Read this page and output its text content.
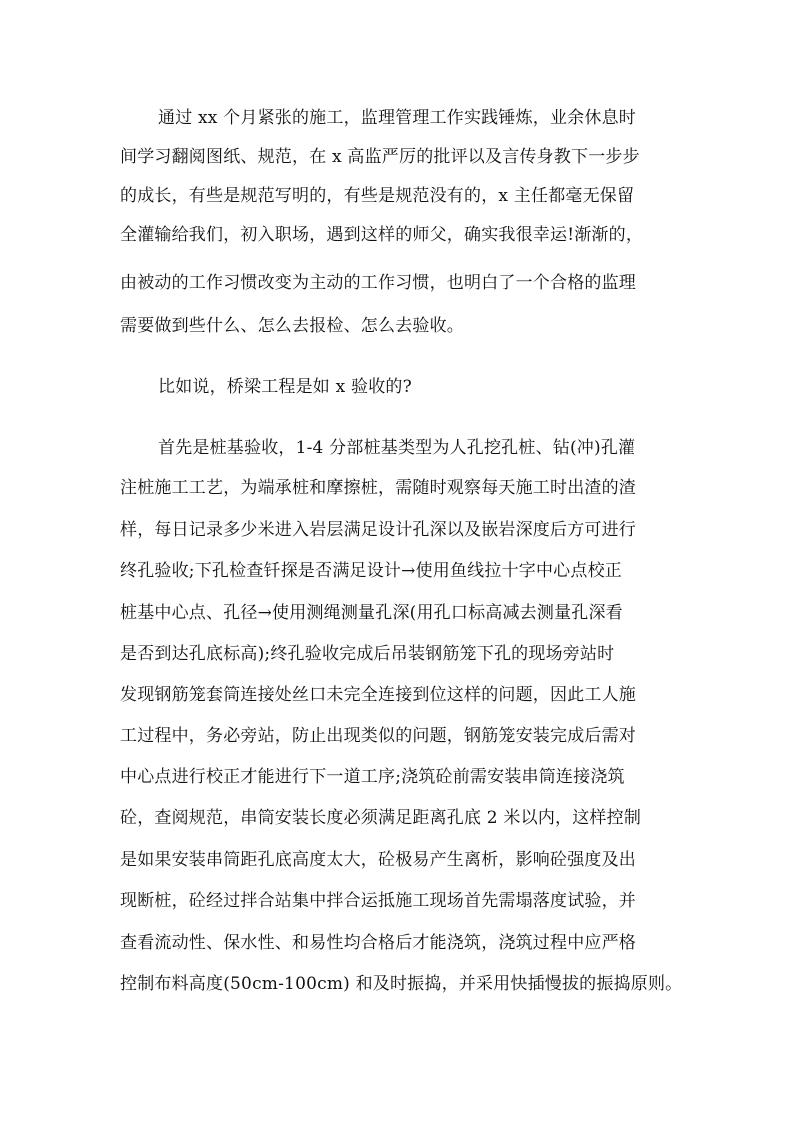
通过 xx 个月紧张的施工，监理管理工作实践锤炼，业余休息时
间学习翻阅图纸、规范，在 x 高监严厉的批评以及言传身教下一步步
的成长，有些是规范写明的，有些是规范没有的，x 主任都毫无保留
全灌输给我们，初入职场，遇到这样的师父，确实我很幸运!渐渐的，
由被动的工作习惯改变为主动的工作习惯，也明白了一个合格的监理
需要做到些什么、怎么去报检、怎么去验收。
比如说，桥梁工程是如 x 验收的?
首先是桩基验收，1-4 分部桩基类型为人孔挖孔桩、钻(冲)孔灌
注桩施工工艺，为端承桩和摩擦桩，需随时观察每天施工时出渣的渣
样，每日记录多少米进入岩层满足设计孔深以及嵌岩深度后方可进行
终孔验收;下孔检查钎探是否满足设计→使用鱼线拉十字中心点校正
桩基中心点、孔径→使用测绳测量孔深(用孔口标高减去测量孔深看
是否到达孔底标高);终孔验收完成后吊装钢筋笼下孔的现场旁站时
发现钢筋笼套筒连接处丝口未完全连接到位这样的问题，因此工人施
工过程中，务必旁站，防止出现类似的问题，钢筋笼安装完成后需对
中心点进行校正才能进行下一道工序;浇筑砼前需安装串筒连接浇筑
砼，查阅规范，串筒安装长度必须满足距离孔底 2 米以内，这样控制
是如果安装串筒距孔底高度太大，砼极易产生离析，影响砼强度及出
现断桩，砼经过拌合站集中拌合运抵施工现场首先需塌落度试验，并
查看流动性、保水性、和易性均合格后才能浇筑，浇筑过程中应严格
控制布料高度(50cm-100cm) 和及时振捣，并采用快插慢拔的振捣原则。
